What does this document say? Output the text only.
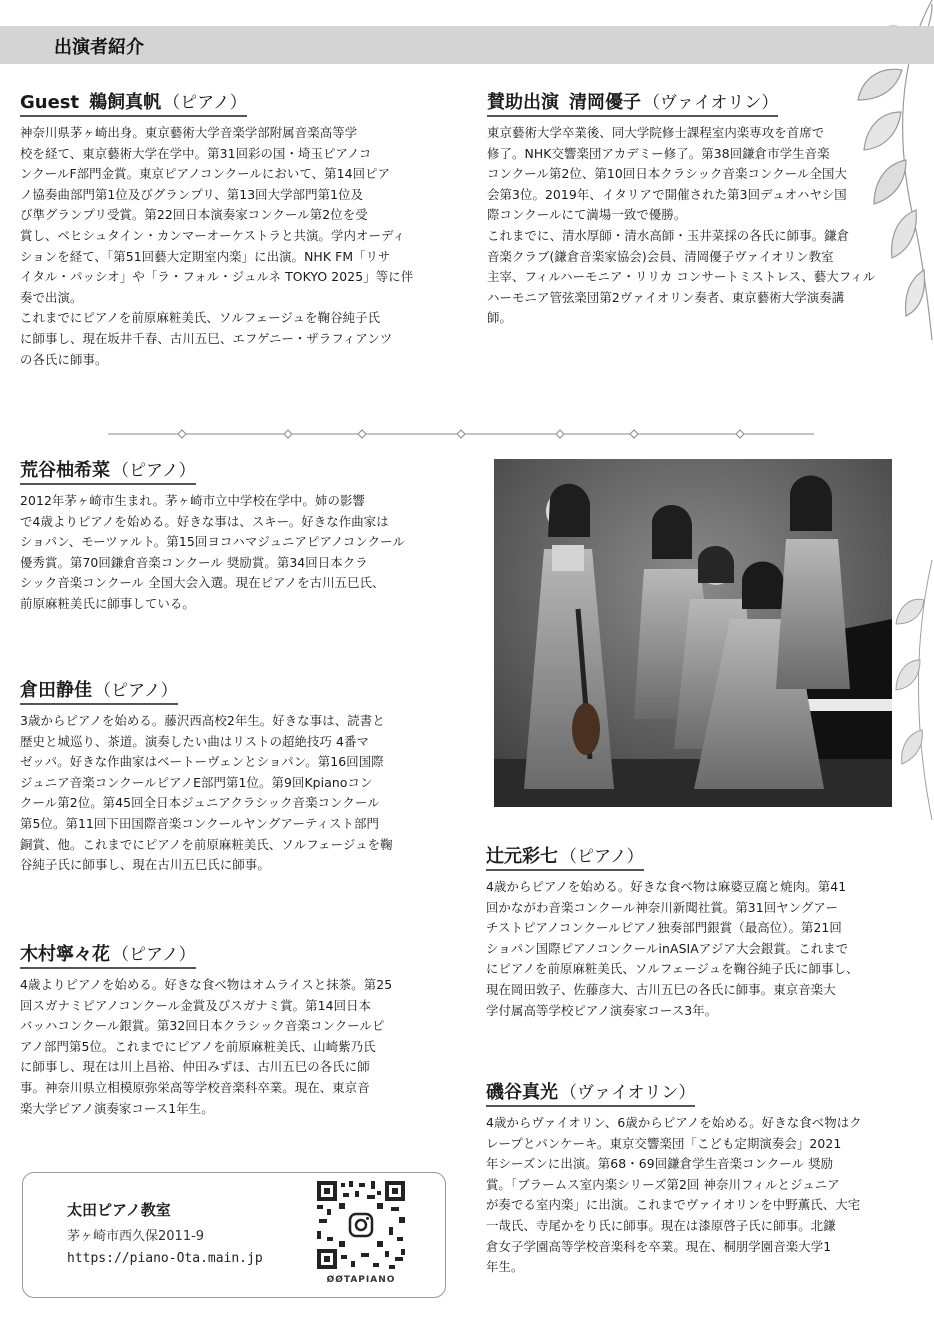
出演者紹介
Guest 鵜飼真帆 （ピアノ）

神奈川県茅ヶ崎出身。東京藝術大学音楽学部附属音楽高等学

校を経て、東京藝術大学在学中。第31回彩の国・埼玉ピアノコ

ンクールF部門金賞。東京ピアノコンクールにおいて、第14回ピア

ノ協奏曲部門第1位及びグランプリ、第13回大学部門第1位及

び準グランプリ受賞。第22回日本演奏家コンクール第2位を受

賞し、ベヒシュタイン・カンマーオーケストラと共演。学内オーディ

ションを経て、「第51回藝大定期室内楽」に出演。NHK FM「リサ

イタル・パッシオ」や「ラ・フォル・ジュルネ TOKYO 2025」等に伴

奏で出演。

これまでにピアノを前原麻粧美氏、ソルフェージュを鞠谷純子氏

に師事し、現在坂井千春、古川五巳、エフゲニー・ザラフィアンツ

の各氏に師事。

賛助出演 清岡優子 （ヴァイオリン）

東京藝術大学卒業後、同大学院修士課程室内楽専攻を首席で

修了。NHK交響楽団アカデミー修了。第38回鎌倉市学生音楽

コンクール第2位、第10回日本クラシック音楽コンクール全国大

会第3位。2019年、イタリアで開催された第3回デュオハヤシ国

際コンクールにて満場一致で優勝。

これまでに、清水厚師・清水高師・玉井菜採の各氏に師事。鎌倉

音楽クラブ(鎌倉音楽家協会)会員、清岡優子ヴァイオリン教室

主宰、フィルハーモニア・リリカ コンサートミストレス、藝大フィル

ハーモニア管弦楽団第2ヴァイオリン奏者、東京藝術大学演奏講

師。

荒谷柚希菜 （ピアノ）

2012年茅ヶ崎市生まれ。茅ヶ崎市立中学校在学中。姉の影響

で4歳よりピアノを始める。好きな事は、スキー。好きな作曲家は

ショパン、モーツァルト。第15回ヨコハマジュニアピアノコンクール

優秀賞。第70回鎌倉音楽コンクール 奨励賞。第34回日本クラ

シック音楽コンクール 全国大会入選。現在ピアノを古川五巳氏、

前原麻粧美氏に師事している。

倉田静佳 （ピアノ）

3歳からピアノを始める。藤沢西高校2年生。好きな事は、読書と

歴史と城巡り、茶道。演奏したい曲はリストの超絶技巧 4番マ

ゼッパ。好きな作曲家はベートーヴェンとショパン。第16回国際

ジュニア音楽コンクールピアノE部門第1位。第9回Kpianoコン

クール第2位。第45回全日本ジュニアクラシック音楽コンクール

第5位。第11回下田国際音楽コンクールヤングアーティスト部門

銅賞、他。これまでにピアノを前原麻粧美氏、ソルフェージュを鞠

谷純子氏に師事し、現在古川五巳氏に師事。	辻元彩七 （ピアノ）

4歳からピアノを始める。好きな食べ物は麻婆豆腐と焼肉。第41

回かながわ音楽コンクール神奈川新聞社賞。第31回ヤングアー

チストピアノコンクールピアノ独奏部門銀賞（最高位）。第21回

ショパン国際ピアノコンクールinASIAアジア大会銀賞。これまで

にピアノを前原麻粧美氏、ソルフェージュを鞠谷純子氏に師事し、

現在岡田敦子、佐藤彦大、古川五巳の各氏に師事。東京音楽大

学付属高等学校ピアノ演奏家コース3年。

木村寧々花 （ピアノ）

4歳よりピアノを始める。好きな食べ物はオムライスと抹茶。第25

回スガナミピアノコンクール金賞及びスガナミ賞。第14回日本

バッハコンクール銀賞。第32回日本クラシック音楽コンクールピ

アノ部門第5位。これまでにピアノを前原麻粧美氏、山崎紫乃氏

に師事し、現在は川上昌裕、仲田みずほ、古川五巳の各氏に師

事。神奈川県立相模原弥栄高等学校音楽科卒業。現在、東京音

楽大学ピアノ演奏家コース1年生。

磯谷真光 （ヴァイオリン）

4歳からヴァイオリン、6歳からピアノを始める。好きな食べ物はク

レープとパンケーキ。東京交響楽団「こども定期演奏会」2021

年シーズンに出演。第68・69回鎌倉学生音楽コンクール 奨励

賞。「ブラームス室内楽シリーズ第2回 神奈川フィルとジュニア

が奏でる室内楽」に出演。これまでヴァイオリンを中野薫氏、大宅

一哉氏、寺尾かをり氏に師事。現在は漆原啓子氏に師事。北鎌

倉女子学園高等学校音楽科を卒業。現在、桐朋学園音楽大学1

年生。

太田ピアノ教室
茅ヶ崎市西久保2011-9
https://piano-Ota.main.jp
ØØTAPIANO
